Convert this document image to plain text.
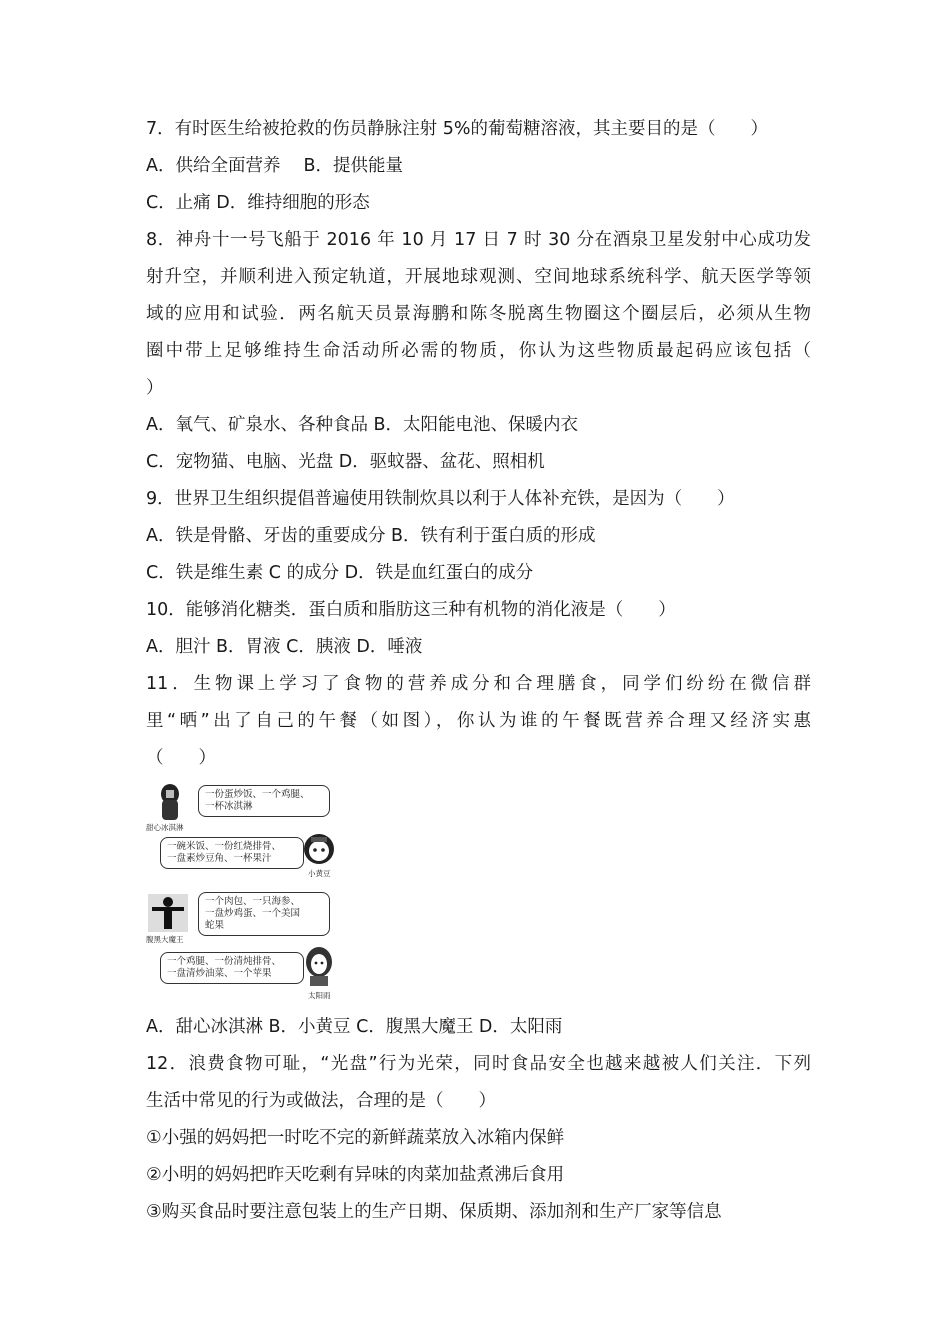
7．有时医生给被抢救的伤员静脉注射 5%的葡萄糖溶液，其主要目的是（　　）
A．供给全面营养　 B．提供能量
C．止痛 D．维持细胞的形态
8．神舟十一号飞船于 2016 年 10 月 17 日 7 时 30 分在酒泉卫星发射中心成功发
射升空，并顺利进入预定轨道，开展地球观测、空间地球系统科学、航天医学等领
域的应用和试验．两名航天员景海鹏和陈冬脱离生物圈这个圈层后，必须从生物
圈中带上足够维持生命活动所必需的物质，你认为这些物质最起码应该包括（
）
A．氧气、矿泉水、各种食品 B．太阳能电池、保暖内衣
C．宠物猫、电脑、光盘 D．驱蚊器、盆花、照相机
9．世界卫生组织提倡普遍使用铁制炊具以利于人体补充铁，是因为（　　）
A．铁是骨骼、牙齿的重要成分 B．铁有利于蛋白质的形成
C．铁是维生素 C 的成分 D．铁是血红蛋白的成分
10．能够消化糖类．蛋白质和脂肪这三种有机物的消化液是（　　）
A．胆汁 B．胃液 C．胰液 D．唾液
11．生物课上学习了食物的营养成分和合理膳食，同学们纷纷在微信群
里“晒”出了自己的午餐（如图），你认为谁的午餐既营养合理又经济实惠
（　　）
甜心冰淇淋
一份蛋炒饭、一个鸡腿、
一杯冰淇淋
一碗米饭、一份红烧排骨、
一盘素炒豆角、一杯果汁
小黄豆
腹黑大魔王
一个肉包、一只海参、
一盘炒鸡蛋、一个美国
蛇果
一个鸡腿、一份清炖排骨、
一盘清炒油菜、一个苹果
太阳雨
A．甜心冰淇淋 B．小黄豆 C．腹黑大魔王 D．太阳雨
12．浪费食物可耻，“光盘”行为光荣，同时食品安全也越来越被人们关注．下列
生活中常见的行为或做法，合理的是（　　）
①小强的妈妈把一时吃不完的新鲜蔬菜放入冰箱内保鲜
②小明的妈妈把昨天吃剩有异味的肉菜加盐煮沸后食用
③购买食品时要注意包装上的生产日期、保质期、添加剂和生产厂家等信息
